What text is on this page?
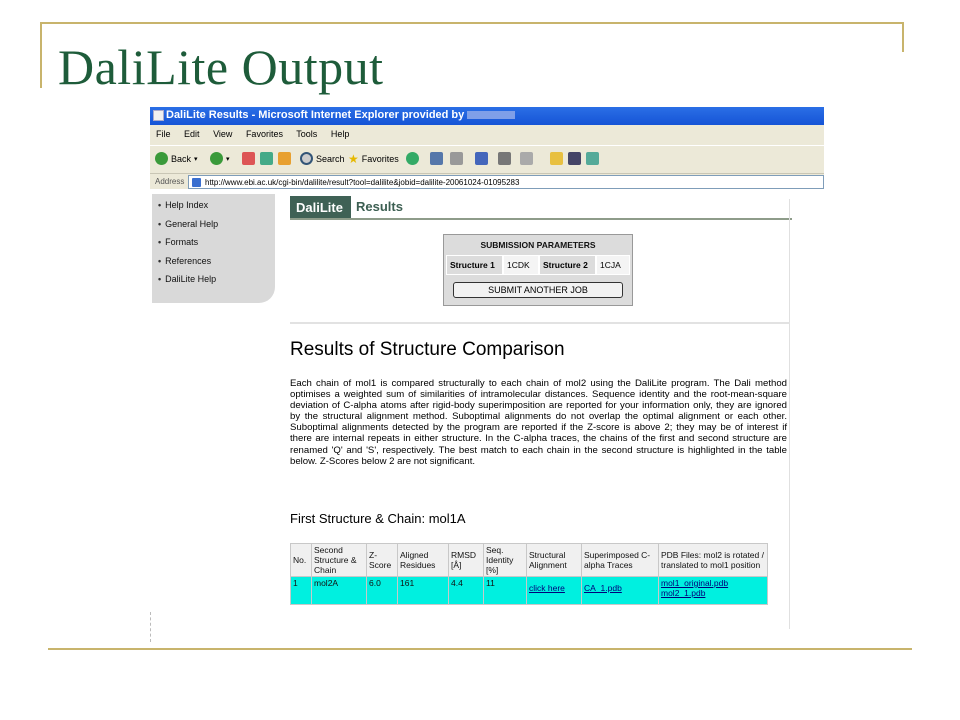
DaliLite Output
DaliLite Results - Microsoft Internet Explorer provided by
File Edit View Favorites Tools Help
Back ▾	▾	Search ★ Favorites
Address	http://www.ebi.ac.uk/cgi-bin/dalilite/result?tool=dalilite&jobid=dalilite-20061024-01095283
• Help Index
• General Help
• Formats
• References
• DaliLite Help
DaliLite	Results
SUBMISSION PARAMETERS
Structure 1	1CDK	Structure 2	1CJA
SUBMIT ANOTHER JOB
Results of Structure Comparison
Each chain of mol1 is compared structurally to each chain of mol2 using the DaliLite program. The Dali method optimises a weighted sum of similarities of intramolecular distances. Sequence identity and the root-mean-square deviation of C-alpha atoms after rigid-body superimposition are reported for your information only, they are ignored by the structural alignment method. Suboptimal alignments do not overlap the optimal alignment or each other. Suboptimal alignments detected by the program are reported if the Z-score is above 2; they may be of interest if there are internal repeats in either structure. In the C-alpha traces, the chains of the first and second structure are renamed 'Q' and 'S', respectively. The best match to each chain in the second structure is highlighted in the table below. Z-Scores below 2 are not significant.
First Structure & Chain: mol1A
No.	Second Structure & Chain	Z-Score	Aligned Residues	RMSD [Å]	Seq. Identity [%]	Structural Alignment	Superimposed C-alpha Traces	PDB Files: mol2 is rotated / translated to mol1 position
1	mol2A	6.0	161	4.4	11	click here	CA_1.pdb	mol1_original.pdb
mol2_1.pdb
